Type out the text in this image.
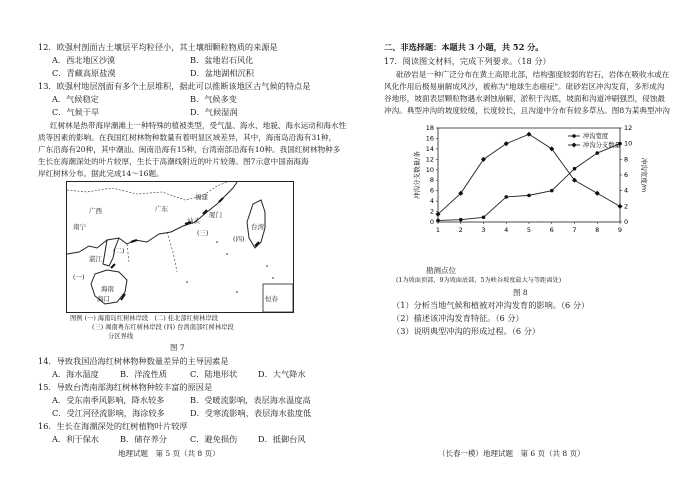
12．欧强村剖面古土壤层平均粒径小，其土壤细颗粒物质的来源是
A．西北地区沙漠	B．盆地岩石风化
C．青藏高原盐漠	D．盆地湖相沉积
13．欧强村地层剖面有多个土层堆积，据此可以推断该地区古气候的特点是
A．气候稳定	B．气候多变
C．气候干旱	D．气候湿润
红树林是热带海岸潮滩上一种特殊的植被类型，受气温、海水、地貌、海水运动和海水性
质等因素的影响。在我国红树林物种数量有着明显区域差异，其中，海南岛沿海有31种，
广东沿海有20种，其中潮汕、闽南沿海有15种，台湾南部沿海有10种。我国红树林物种多
生长在海潮深处的叶片较厚，生长于高潮线附近的叶片较薄。图7示意中国南海海
岸红树林分布。据此完成14～16题。
福建
广东
广西
南宁
厦门
汕头
台湾
湛江
海南
海口	恒春
(一)
(二)
(三)
(四)
图例 (一) 海南岛红树林岸段　(二) 桂北部红树林岸段
(三) 闽南粤东红树林岸段 (四) 台湾南部红树林岸段
分区界线
图 7
14．导致我国沿海红树林物种数量差异的主导因素是
A．海水温度	B．洋流性质	C．陆地形状	D．大气降水
15．导致台湾南部海红树林物种较丰富的原因是
A．受东南季风影响，降水较多	B．受暖流影响，表层海水温度高
C．受江河径流影响，海涂较多	D．受寒流影响，表层海水盐度低
16．生长在海潮深处的红树植物叶片较厚
A．利于保水	B．储存养分	C．避免损伤	D．抵御台风
地理试题　第 5 页（共 8 页）
二、非选择题：本题共 3 小题，共 52 分。
17．阅读图文材料，完成下列要求。（18 分）
砒砂岩是一种广泛分布在黄土高原北部，结构强度较弱的岩石，岩体在吸收水或在
风化作用后极易崩解成风沙，被称为"地球生态癌症"。砒砂岩区冲沟发育，多形成沟
谷地形，坡面表层颗粒物遇水剥蚀崩解，淤积于沟底，坡面和沟道冲刷强烈，侵蚀最
冲沟。典型冲沟的坡度较缓，长度较长，且沟道中分布有较多草丛。图8为某典型冲沟
勘测点位
(1为坡面顶部，9为坡面底部，5为峡谷坡度最大与等距离处)
图 8
（1）分析当地气候和植被对冲沟发育的影响。（6 分）
（2）描述该冲沟发育特征。（6 分）
（3）说明典型冲沟的形成过程。（6 分）
（长春一模）地理试题　第 6 页（共 8 页）
0
2
4
6
8
10
12
14
16
18
0
2
4
6
8
10
12
1	2	3	4	5	6	7	8	9
冲沟分支数量/条	冲沟宽度/m
冲沟宽度
冲沟分支数量
